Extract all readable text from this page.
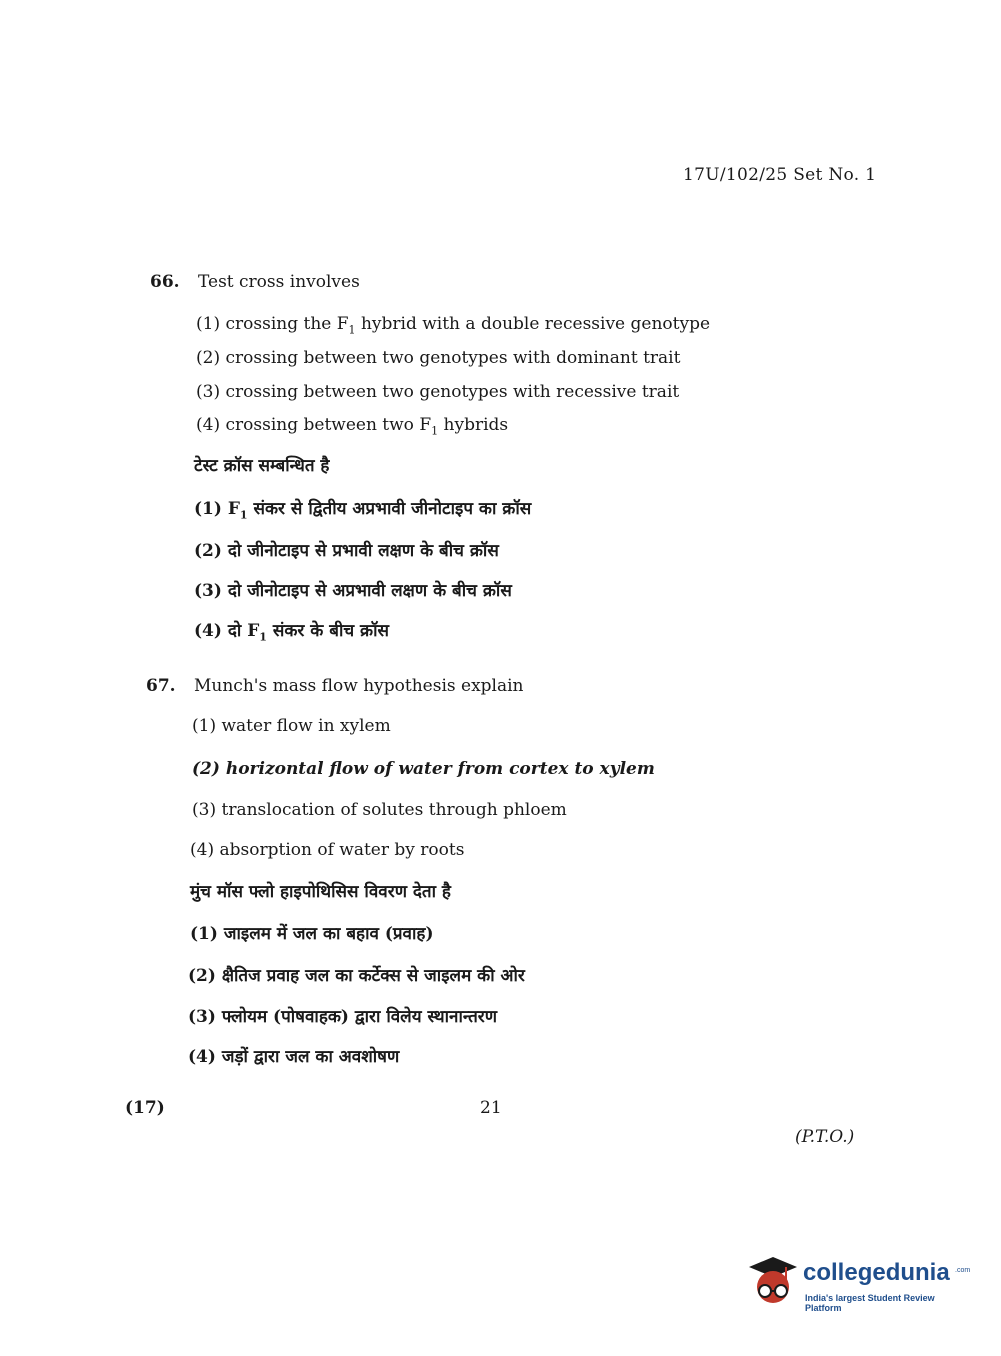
17U/102/25 Set No. 1
66. Test cross involves
(1) crossing the $F_1$ hybrid with a double recessive genotype
(2) crossing between two genotypes with dominant trait
(3) crossing between two genotypes with recessive trait
(4) crossing between two $F_1$ hybrids
टेस्ट क्रॉस सम्बन्धित है
(1) $F_1$ संकर से द्वितीय अप्रभावी जीनोटाइप का क्रॉस
(2) दो जीनोटाइप से प्रभावी लक्षण के बीच क्रॉस
(3) दो जीनोटाइप से अप्रभावी लक्षण के बीच क्रॉस
(4) दो $F_1$ संकर के बीच क्रॉस
67. Munch's mass flow hypothesis explain
(1) water flow in xylem
(2) horizontal flow of water from cortex to xylem
(3) translocation of solutes through phloem
(4) absorption of water by roots
मुंच मॉस फ्लो हाइपोथिसिस विवरण देता है
(1) जाइलम में जल का बहाव (प्रवाह)
(2) क्षैतिज प्रवाह जल का कर्टेक्स से जाइलम की ओर
(3) फ्लोयम (पोषवाहक) द्वारा विलेय स्थानान्तरण
(4) जड़ों द्वारा जल का अवशोषण
(17)	21
(P.T.O.)
collegedunia .com
India's largest Student Review Platform
